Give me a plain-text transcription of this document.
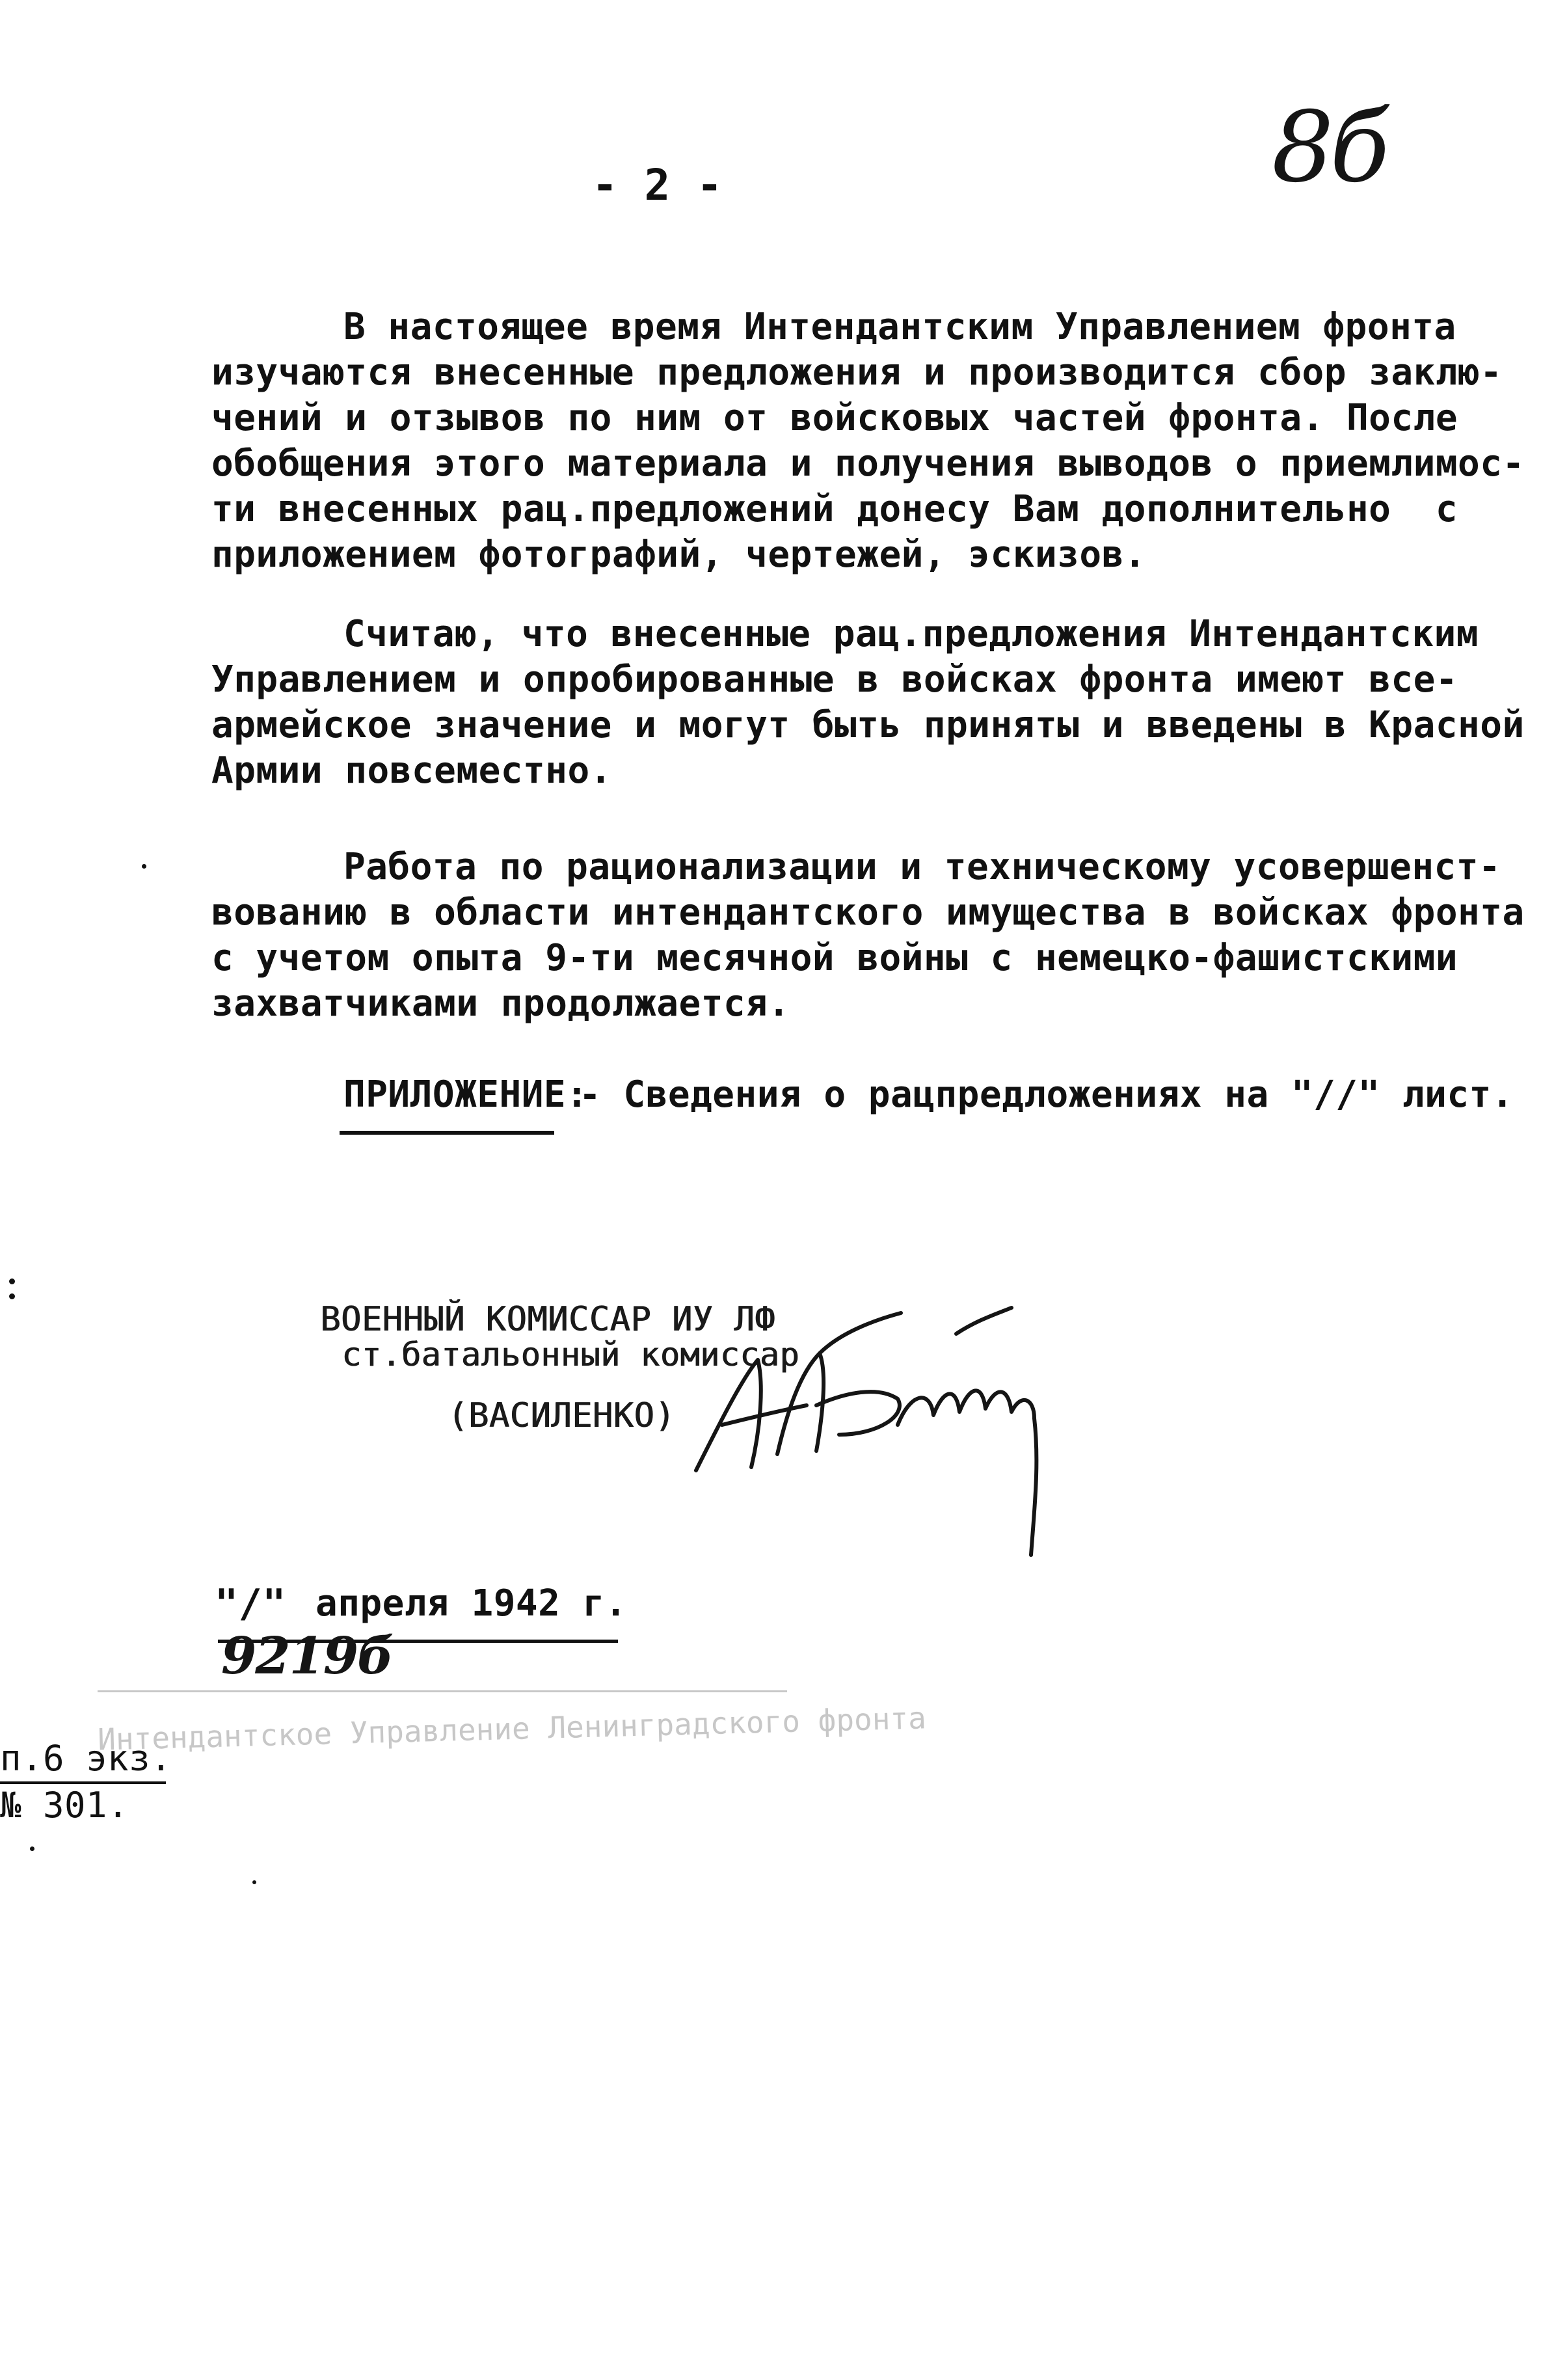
- 2 -	8б
В настоящее время Интендантским Управлением фронта
изучаются внесенные предложения и производится сбор заклю-
чений и отзывов по ним от войсковых частей фронта. После
обобщения этого материала и получения выводов о приемлимос-
ти внесенных рац.предложений донесу Вам дополнительно  с
приложением фотографий, чертежей, эскизов.
Считаю, что внесенные рац.предложения Интендантским
Управлением и опробированные в войсках фронта имеют все-
армейское значение и могут быть приняты и введены в Красной
Армии повсеместно.
Работа по рационализации и техническому усовершенст-
вованию в области интендантского имущества в войсках фронта
с учетом опыта 9-ти месячной войны с немецко-фашистскими
захватчиками продолжается.
ПРИЛОЖЕНИЕ:
- Сведения о рацпредложениях на "//" лист.
ВОЕННЫЙ КОМИССАР ИУ ЛФ
ст.батальонный комиссар
(ВАСИЛЕНКО)
"/" апреля 1942 г.
9219б
Интендантское Управление Ленинградского фронта
п.6 экз.
№ 301.
